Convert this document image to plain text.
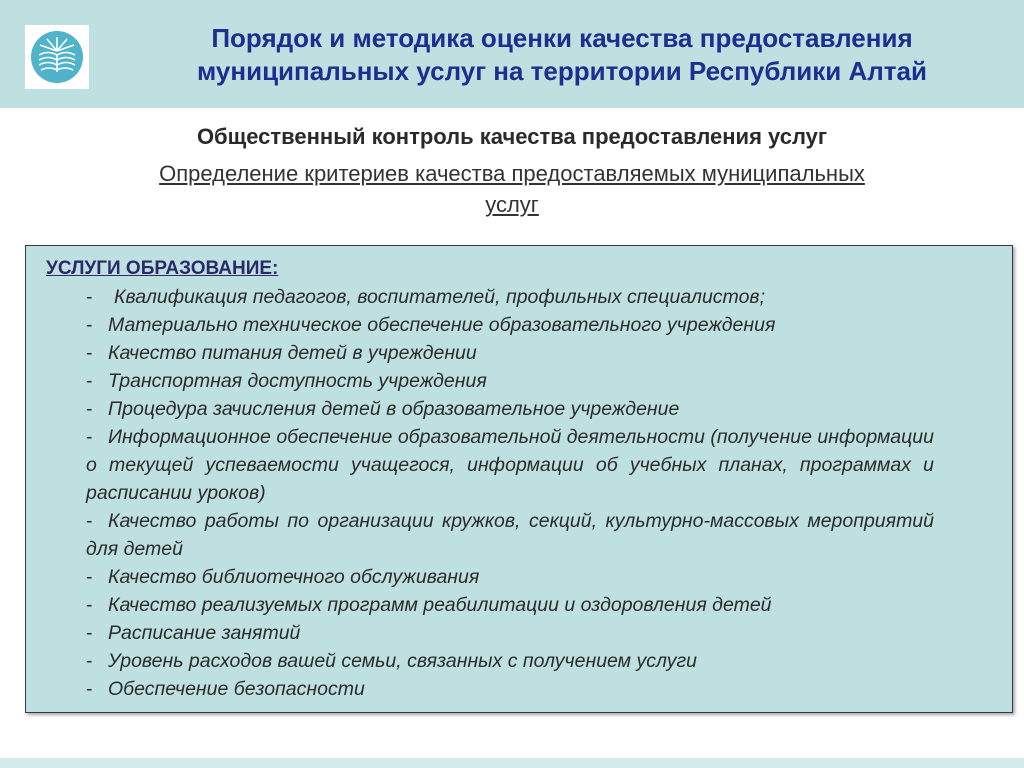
Порядок и методика оценки качества предоставления муниципальных услуг на территории Республики Алтай
Общественный контроль качества предоставления услуг

Определение критериев качества предоставляемых муниципальных услуг

УСЛУГИ ОБРАЗОВАНИЕ:
- Квалификация педагогов, воспитателей, профильных специалистов;
- Материально техническое обеспечение образовательного учреждения
- Качество питания детей в учреждении
- Транспортная доступность учреждения
- Процедура зачисления детей в образовательное учреждение
- Информационное обеспечение образовательной деятельности (получение информации о текущей успеваемости учащегося, информации об учебных планах, программах и расписании уроков)
- Качество работы по организации кружков, секций, культурно-массовых мероприятий для детей
- Качество библиотечного обслуживания
- Качество реализуемых программ реабилитации и оздоровления детей
- Расписание занятий
- Уровень расходов вашей семьи, связанных с получением услуги
- Обеспечение безопасности
